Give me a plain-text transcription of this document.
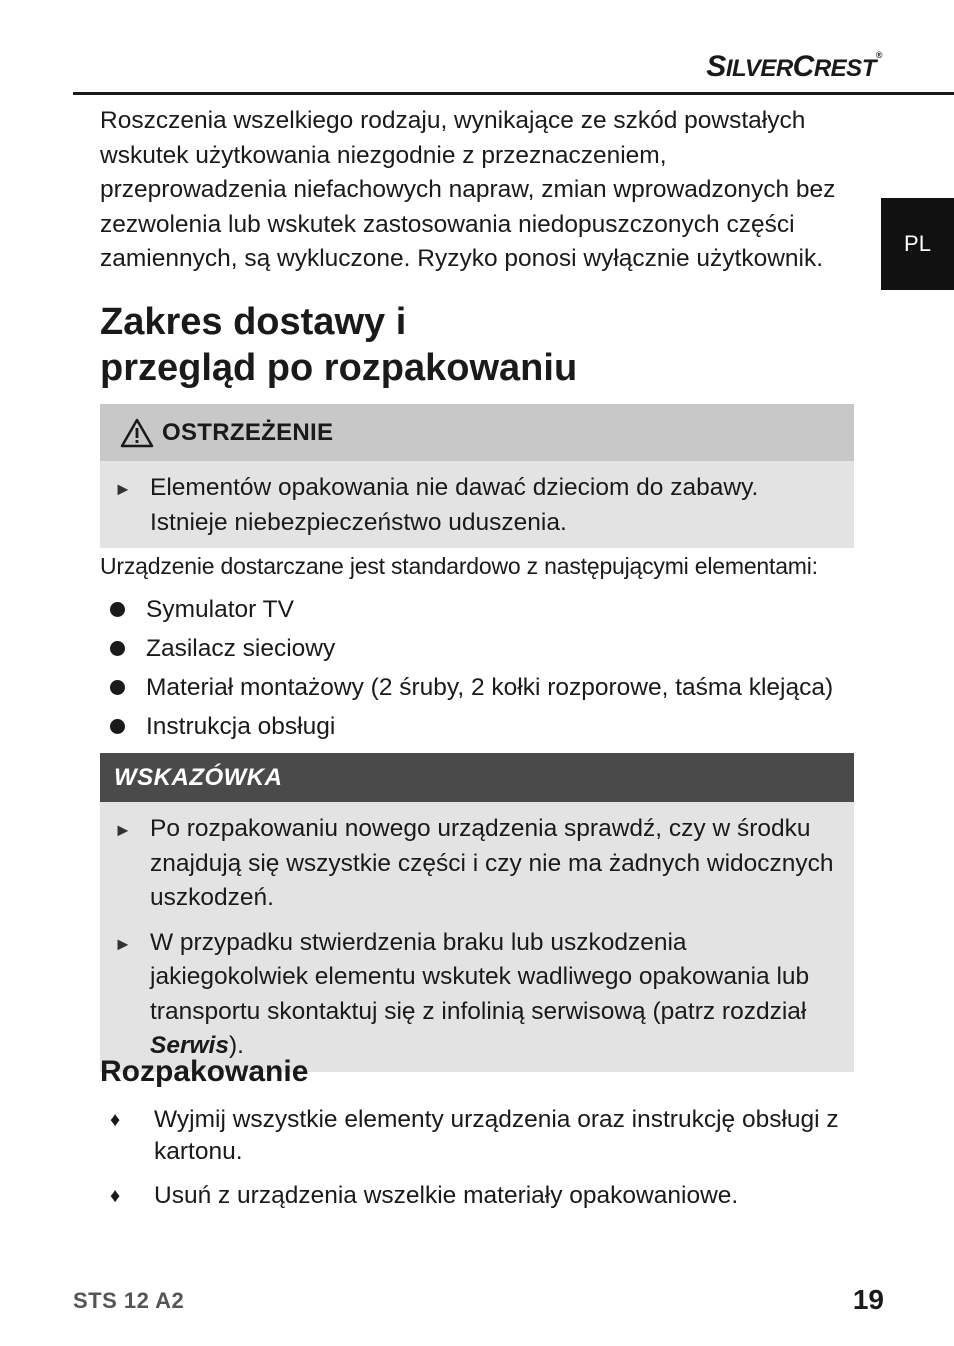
SILVERCREST®
PL

Roszczenia wszelkiego rodzaju, wynikające ze szkód powstałych wskutek użytkowania niezgodnie z przeznaczeniem, przeprowadzenia niefachowych napraw, zmian wprowadzonych bez zezwolenia lub wskutek zastosowania niedopuszczonych części zamiennych, są wykluczone. Ryzyko ponosi wyłącznie użytkownik.

Zakres dostawy i
przegląd po rozpakowaniu
OSTRZEŻENIE
► Elementów opakowania nie dawać dzieciom do zabawy. Istnieje niebezpieczeństwo uduszenia.

Urządzenie dostarczane jest standardowo z następującymi elementami:

Symulator TV
Zasilacz sieciowy
Materiał montażowy (2 śruby, 2 kołki rozporowe, taśma klejąca)
Instrukcja obsługi
WSKAZÓWKA
► Po rozpakowaniu nowego urządzenia sprawdź, czy w środku znajdują się wszystkie części i czy nie ma żadnych widocznych uszkodzeń.
► W przypadku stwierdzenia braku lub uszkodzenia jakiegokolwiek elementu wskutek wadliwego opakowania lub transportu skontaktuj się z infolinią serwisową (patrz rozdział Serwis).
Rozpakowanie
♦	Wyjmij wszystkie elementy urządzenia oraz instrukcję obsługi z kartonu.
♦	Usuń z urządzenia wszelkie materiały opakowaniowe.
STS 12 A2	19
